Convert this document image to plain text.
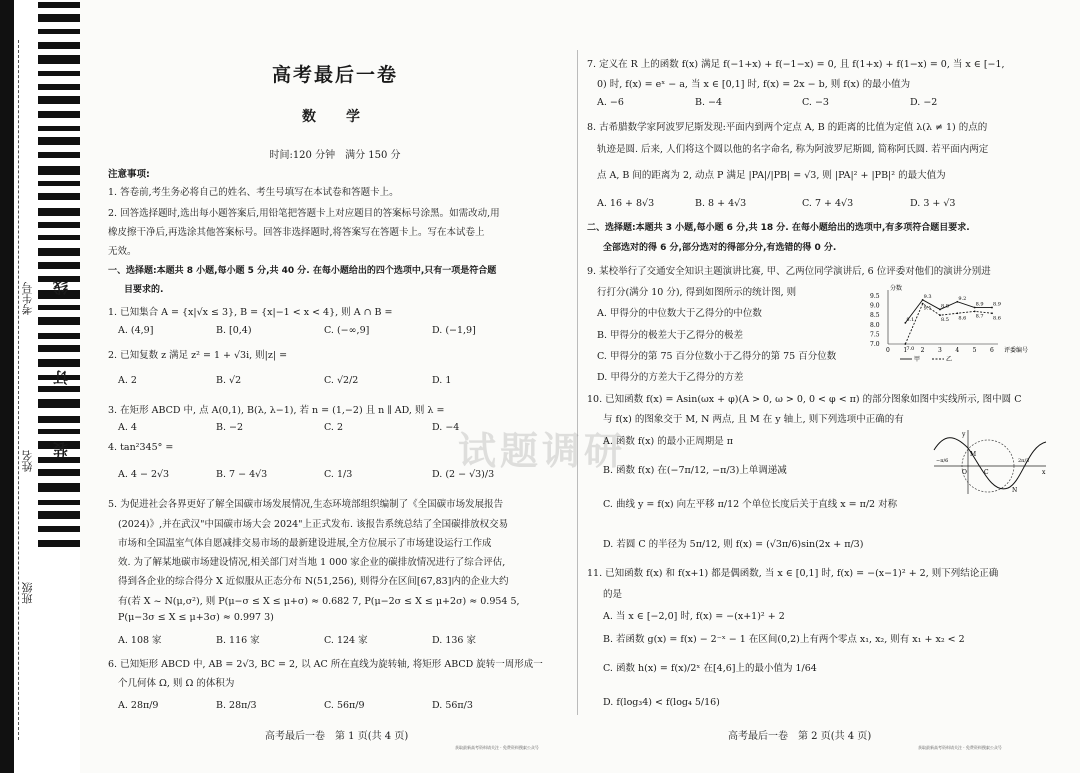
考生号
姓名
班级
线
订
装
高考最后一卷
数　学
时间:120 分钟　满分 150 分
注意事项:
1. 答卷前,考生务必将自己的姓名、考生号填写在本试卷和答题卡上。
2. 回答选择题时,选出每小题答案后,用铅笔把答题卡上对应题目的答案标号涂黑。如需改动,用
橡皮擦干净后,再选涂其他答案标号。回答非选择题时,将答案写在答题卡上。写在本试卷上
无效。
一、选择题:本题共 8 小题,每小题 5 分,共 40 分. 在每小题给出的四个选项中,只有一项是符合题
目要求的.
1. 已知集合 A = {x|√x ≤ 3}, B = {x|−1 < x < 4}, 则 A ∩ B =
A. (4,9]	B. [0,4)	C. (−∞,9]	D. (−1,9]
2. 已知复数 z 满足 z² = 1 + √3i, 则|z| =
A. 2	B. √2	C. √2/2	D. 1
3. 在矩形 ABCD 中, 点 A(0,1), B(λ, λ−1), 若 n = (1,−2) 且 n ∥ AD, 则 λ =
A. 4	B. −2	C. 2	D. −4
4. tan²345° =
A. 4 − 2√3	B. 7 − 4√3	C. 1/3	D. (2 − √3)/3
5. 为促进社会各界更好了解全国碳市场发展情况,生态环境部组织编制了《全国碳市场发展报告
(2024)》,并在武汉"中国碳市场大会 2024"上正式发布. 该报告系统总结了全国碳排放权交易
市场和全国温室气体自愿减排交易市场的最新建设进展,全方位展示了市场建设运行工作成
效. 为了解某地碳市场建设情况,相关部门对当地 1 000 家企业的碳排放情况进行了综合评估,
得到各企业的综合得分 X 近似服从正态分布 N(51,256), 则得分在区间[67,83]内的企业大约
有(若 X ~ N(μ,σ²), 则 P(μ−σ ≤ X ≤ μ+σ) ≈ 0.682 7, P(μ−2σ ≤ X ≤ μ+2σ) ≈ 0.954 5,
P(μ−3σ ≤ X ≤ μ+3σ) ≈ 0.997 3)
A. 108 家	B. 116 家	C. 124 家	D. 136 家
6. 已知矩形 ABCD 中, AB = 2√3, BC = 2, 以 AC 所在直线为旋转轴, 将矩形 ABCD 旋转一周形成一
个几何体 Ω, 则 Ω 的体积为
A. 28π/9	B. 28π/3	C. 56π/9	D. 56π/3
高考最后一卷　第 1 页(共 4 页)
获取最新高考资料请关注 · 免费资料搜索公众号
试题调研
7. 定义在 R 上的函数 f(x) 满足 f(−1+x) + f(−1−x) = 0, 且 f(1+x) + f(1−x) = 0, 当 x ∈ [−1,
0) 时, f(x) = eˣ − a, 当 x ∈ [0,1] 时, f(x) = 2x − b, 则 f(x) 的最小值为
A. −6	B. −4	C. −3	D. −2
8. 古希腊数学家阿波罗尼斯发现:平面内到两个定点 A, B 的距离的比值为定值 λ(λ ≠ 1) 的点的
轨迹是圆. 后来, 人们将这个圆以他的名字命名, 称为阿波罗尼斯圆, 简称阿氏圆. 若平面内两定
点 A, B 间的距离为 2, 动点 P 满足 |PA|/|PB| = √3, 则 |PA|² + |PB|² 的最大值为
A. 16 + 8√3	B. 8 + 4√3	C. 7 + 4√3	D. 3 + √3
二、选择题:本题共 3 小题,每小题 6 分,共 18 分. 在每小题给出的选项中,有多项符合题目要求.
全部选对的得 6 分,部分选对的得部分分,有选错的得 0 分.
9. 某校举行了交通安全知识主题演讲比赛, 甲、乙两位同学演讲后, 6 位评委对他们的演讲分别进
行打分(满分 10 分), 得到如图所示的统计图, 则
A. 甲得分的中位数大于乙得分的中位数
B. 甲得分的极差大于乙得分的极差
C. 甲得分的第 75 百分位数小于乙得分的第 75 百分位数
D. 甲得分的方差大于乙得分的方差
分数
评委编号
7.0
7.5
8.0
8.5
9.0
9.5
0 1 2 3 4 5 6
8.1
9.3
8.8
9.2
8.9 8.9
7.0
9.1
8.5 8.6 8.7 8.6
甲	乙
10. 已知函数 f(x) = Asin(ωx + φ)(A > 0, ω > 0, 0 < φ < π) 的部分图象如图中实线所示, 图中圆 C
与 f(x) 的图象交于 M, N 两点, 且 M 在 y 轴上, 则下列选项中正确的有
A. 函数 f(x) 的最小正周期是 π
B. 函数 f(x) 在(−7π/12, −π/3)上单调递减
C. 曲线 y = f(x) 向左平移 π/12 个单位长度后关于直线 x = π/2 对称
D. 若圆 C 的半径为 5π/12, 则 f(x) = (√3π/6)sin(2x + π/3)
y
O	x
C
M
N
−π/6	2π/3
11. 已知函数 f(x) 和 f(x+1) 都是偶函数, 当 x ∈ [0,1] 时, f(x) = −(x−1)² + 2, 则下列结论正确
的是
A. 当 x ∈ [−2,0] 时, f(x) = −(x+1)² + 2
B. 若函数 g(x) = f(x) − 2⁻ˣ − 1 在区间(0,2)上有两个零点 x₁, x₂, 则有 x₁ + x₂ < 2
C. 函数 h(x) = f(x)/2ˣ 在[4,6]上的最小值为 1/64
D. f(log₃4) < f(log₄ 5/16)
高考最后一卷　第 2 页(共 4 页)
获取最新高考资料请关注 · 免费资料搜索公众号
